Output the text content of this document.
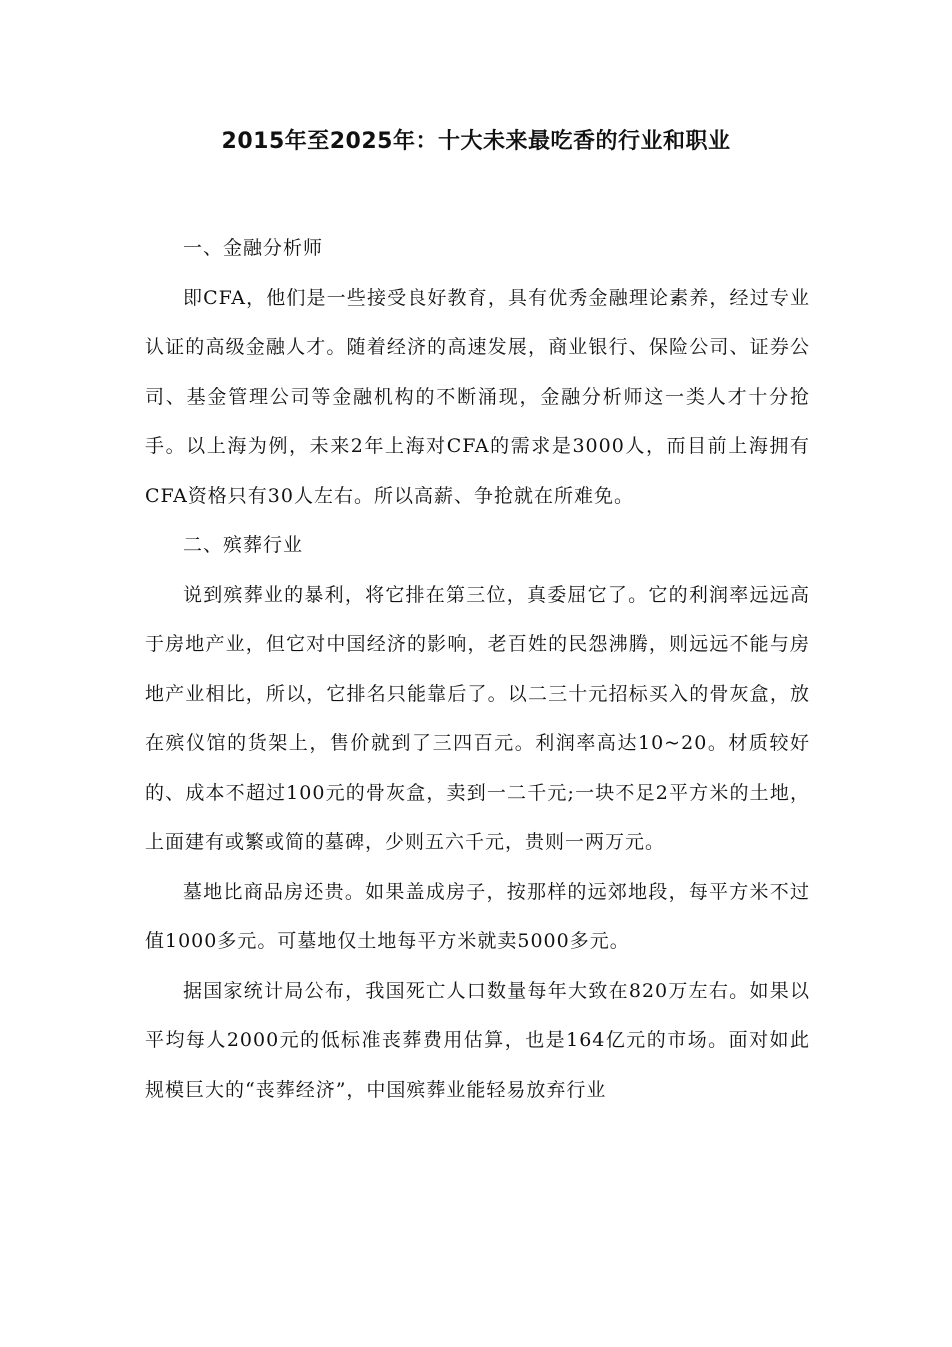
2015年至2025年：十大未来最吃香的行业和职业

一、金融分析师

即CFA，他们是一些接受良好教育，具有优秀金融理论素养，经过专业认证的高级金融人才。随着经济的高速发展，商业银行、保险公司、证券公司、基金管理公司等金融机构的不断涌现，金融分析师这一类人才十分抢手。以上海为例，未来2年上海对CFA的需求是3000人，而目前上海拥有CFA资格只有30人左右。所以高薪、争抢就在所难免。

二、殡葬行业

说到殡葬业的暴利，将它排在第三位，真委屈它了。它的利润率远远高于房地产业，但它对中国经济的影响，老百姓的民怨沸腾，则远远不能与房地产业相比，所以，它排名只能靠后了。以二三十元招标买入的骨灰盒，放在殡仪馆的货架上，售价就到了三四百元。利润率高达10~20。材质较好的、成本不超过100元的骨灰盒，卖到一二千元;一块不足2平方米的土地，上面建有或繁或简的墓碑，少则五六千元，贵则一两万元。

墓地比商品房还贵。如果盖成房子，按那样的远郊地段，每平方米不过值1000多元。可墓地仅土地每平方米就卖5000多元。

据国家统计局公布，我国死亡人口数量每年大致在820万左右。如果以平均每人2000元的低标准丧葬费用估算，也是164亿元的市场。面对如此规模巨大的“丧葬经济”，中国殡葬业能轻易放弃行业
